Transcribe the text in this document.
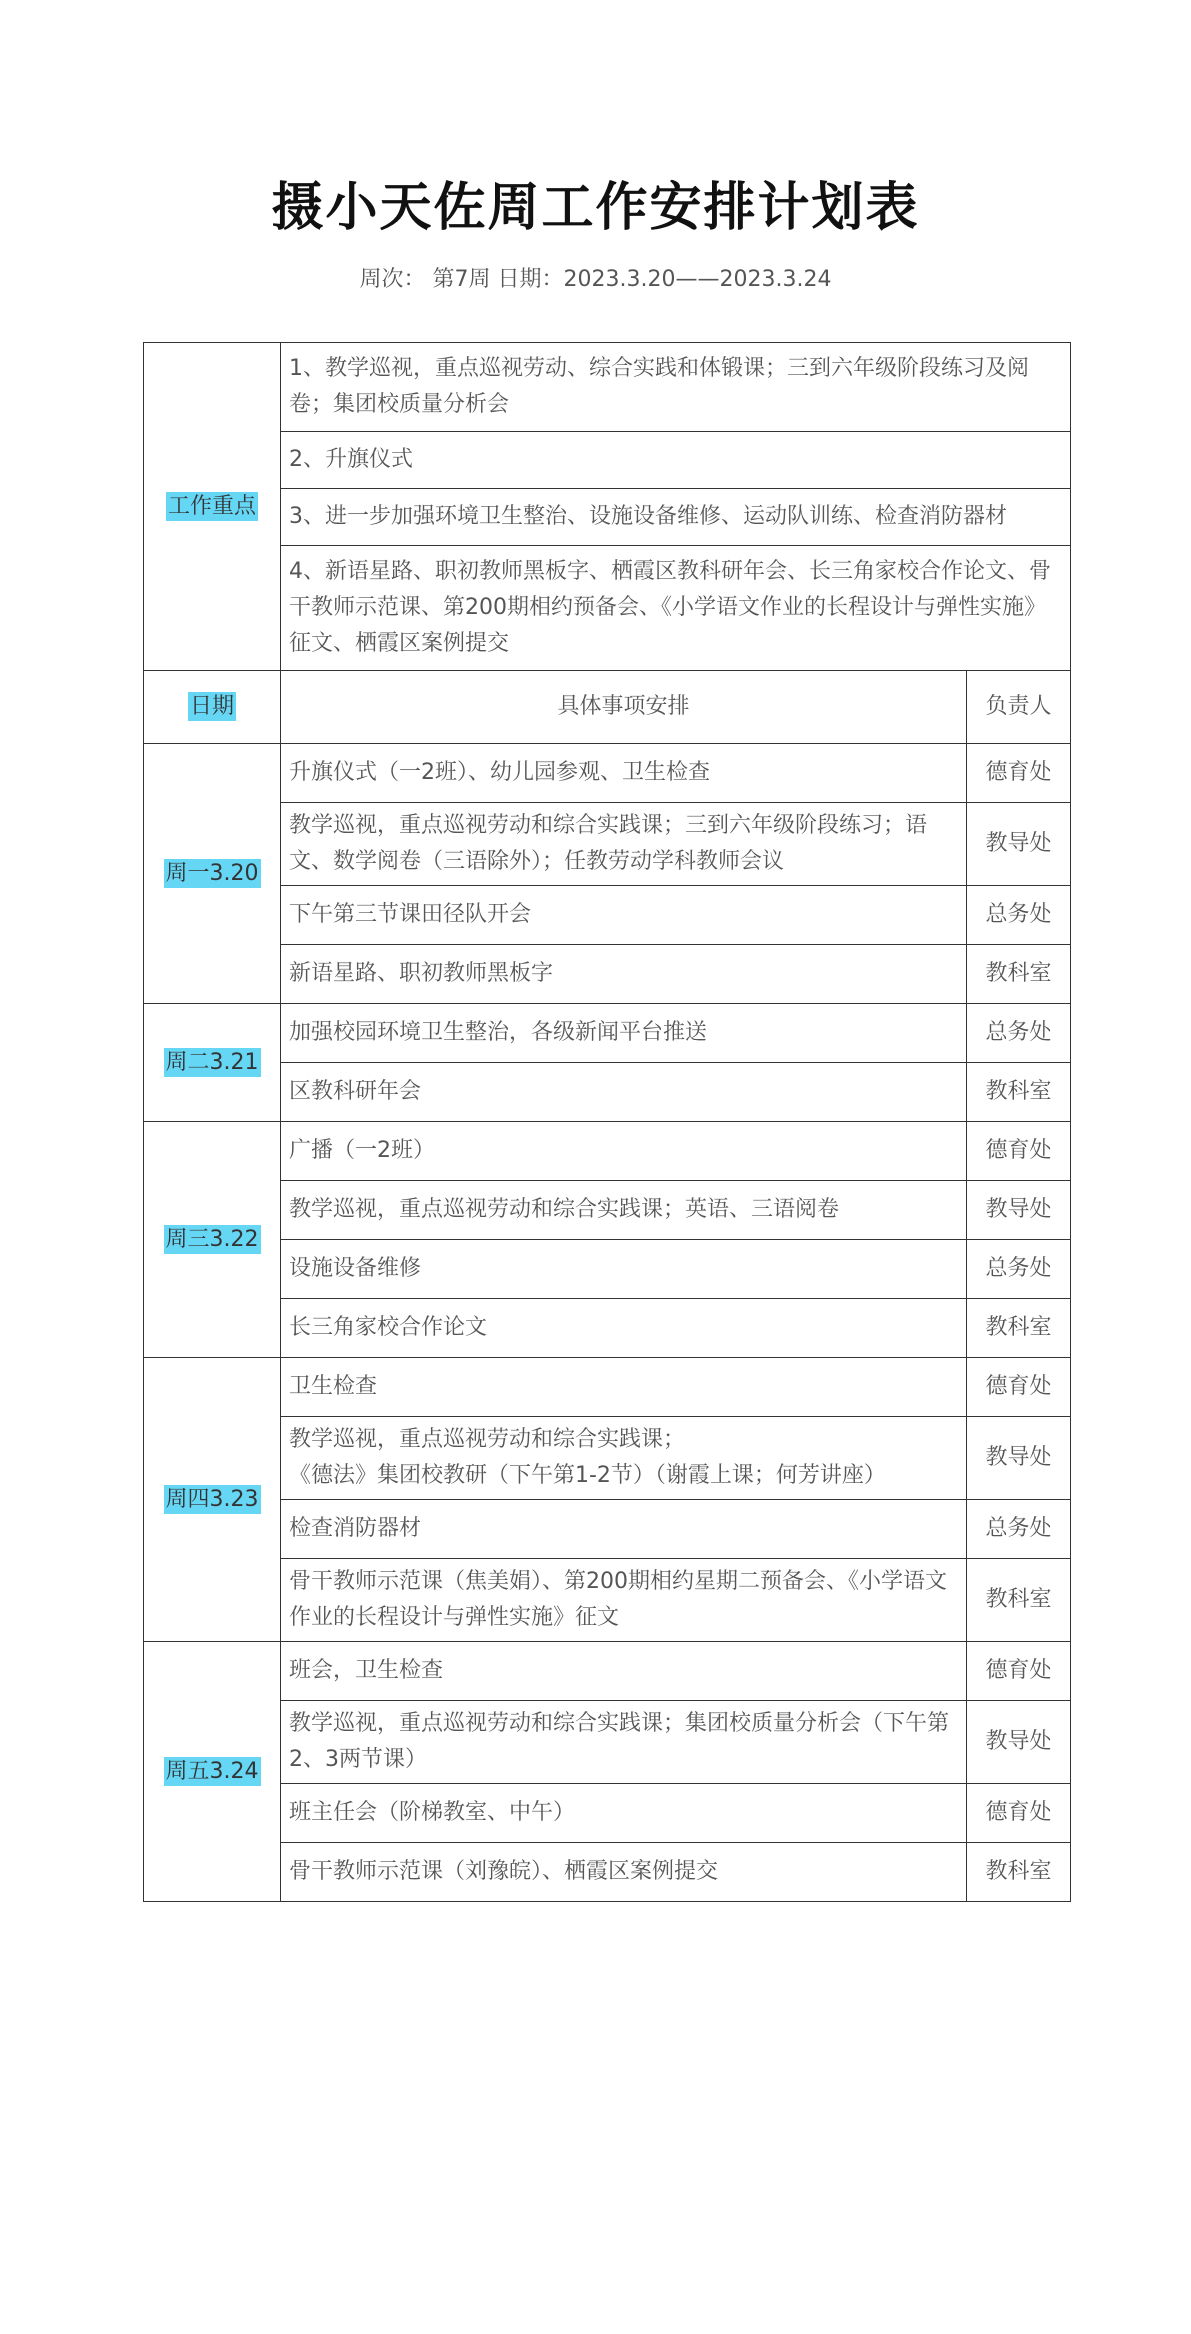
摄小天佐周工作安排计划表
周次： 第7周 日期：2023.3.20——2023.3.24
工作重点	1、教学巡视，重点巡视劳动、综合实践和体锻课；三到六年级阶段练习及阅卷；集团校质量分析会	
	2、升旗仪式	
	3、进一步加强环境卫生整治、设施设备维修、运动队训练、检查消防器材	
	4、新语星路、职初教师黑板字、栖霞区教科研年会、长三角家校合作论文、骨干教师示范课、第200期相约预备会、《小学语文作业的长程设计与弹性实施》征文、栖霞区案例提交	
日期	具体事项安排	负责人
周一3.20	升旗仪式（一2班）、幼儿园参观、卫生检查	德育处
	教学巡视，重点巡视劳动和综合实践课；三到六年级阶段练习；语文、数学阅卷（三语除外）；任教劳动学科教师会议	教导处
	下午第三节课田径队开会	总务处
	新语星路、职初教师黑板字	教科室
周二3.21	加强校园环境卫生整治，各级新闻平台推送	总务处
	区教科研年会	教科室
周三3.22	广播（一2班）	德育处
	教学巡视，重点巡视劳动和综合实践课；英语、三语阅卷	教导处
	设施设备维修	总务处
	长三角家校合作论文	教科室
周四3.23	卫生检查	德育处

	教学巡视，重点巡视劳动和综合实践课；
《德法》集团校教研（下午第1-2节）（谢霞上课；何芳讲座）	教导处
	检查消防器材	总务处
	骨干教师示范课（焦美娟）、第200期相约星期二预备会、《小学语文作业的长程设计与弹性实施》征文	教科室
周五3.24	班会，卫生检查	德育处
	教学巡视，重点巡视劳动和综合实践课；集团校质量分析会（下午第2、3两节课）	教导处
	班主任会（阶梯教室、中午）	德育处
	骨干教师示范课（刘豫皖）、栖霞区案例提交	教科室
